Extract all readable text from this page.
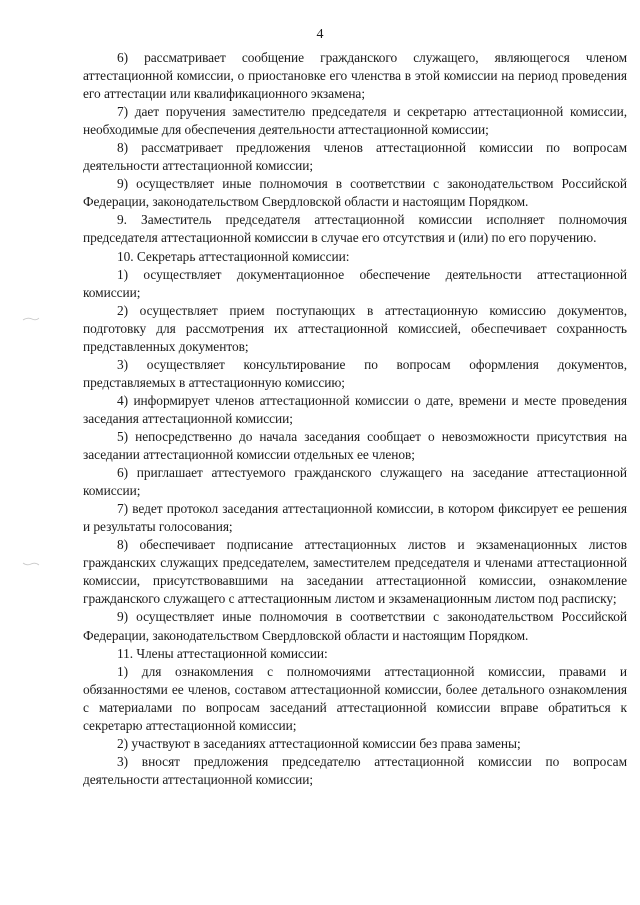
4

6) рассматривает сообщение гражданского служащего, являющегося членом аттестационной комиссии, о приостановке его членства в этой комиссии на период проведения его аттестации или квалификационного экзамена;

7) дает поручения заместителю председателя и секретарю аттестационной комиссии, необходимые для обеспечения деятельности аттестационной комиссии;

8) рассматривает предложения членов аттестационной комиссии по вопросам деятельности аттестационной комиссии;

9) осуществляет иные полномочия в соответствии с законодательством Российской Федерации, законодательством Свердловской области и настоящим Порядком.

9. Заместитель председателя аттестационной комиссии исполняет полномочия председателя аттестационной комиссии в случае его отсутствия и (или) по его поручению.

10. Секретарь аттестационной комиссии:

1) осуществляет документационное обеспечение деятельности аттестационной комиссии;

2) осуществляет прием поступающих в аттестационную комиссию документов, подготовку для рассмотрения их аттестационной комиссией, обеспечивает сохранность представленных документов;

3) осуществляет консультирование по вопросам оформления документов, представляемых в аттестационную комиссию;

4) информирует членов аттестационной комиссии о дате, времени и месте проведения заседания аттестационной комиссии;

5) непосредственно до начала заседания сообщает о невозможности присутствия на заседании аттестационной комиссии отдельных ее членов;

6) приглашает аттестуемого гражданского служащего на заседание аттестационной комиссии;

7) ведет протокол заседания аттестационной комиссии, в котором фиксирует ее решения и результаты голосования;

8) обеспечивает подписание аттестационных листов и экзаменационных листов гражданских служащих председателем, заместителем председателя и членами аттестационной комиссии, присутствовавшими на заседании аттестационной комиссии, ознакомление гражданского служащего с аттестационным листом и экзаменационным листом под расписку;

9) осуществляет иные полномочия в соответствии с законодательством Российской Федерации, законодательством Свердловской области и настоящим Порядком.

11. Члены аттестационной комиссии:

1) для ознакомления с полномочиями аттестационной комиссии, правами и обязанностями ее членов, составом аттестационной комиссии, более детального ознакомления с материалами по вопросам заседаний аттестационной комиссии вправе обратиться к секретарю аттестационной комиссии;

2) участвуют в заседаниях аттестационной комиссии без права замены;

3) вносят предложения председателю аттестационной комиссии по вопросам деятельности аттестационной комиссии;
